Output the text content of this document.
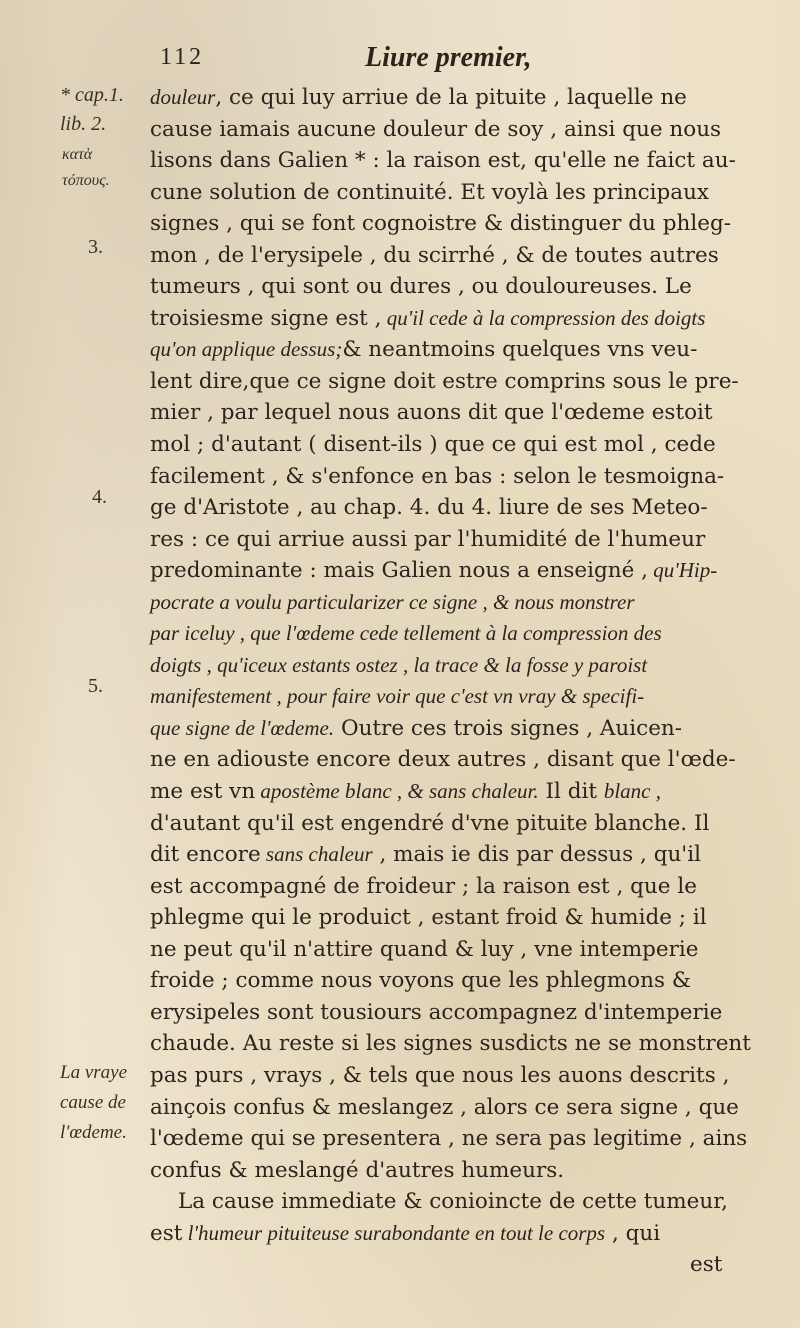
112	Liure premier,
* cap.1.
lib. 2.
κατὰ
τόπους.
3.
4.
5.
La vraye cause de l'œdeme.
douleur, ce qui luy arriue de la pituite , laquelle ne
cause iamais aucune douleur de soy , ainsi que nous
lisons dans Galien * : la raison est, qu'elle ne faict au-
cune solution de continuité. Et voylà les principaux
signes , qui se font cognoistre & distinguer du phleg-
mon , de l'erysipele , du scirrhé , & de toutes autres
tumeurs , qui sont ou dures , ou douloureuses. Le
troisiesme signe est , qu'il cede à la compression des doigts
qu'on applique dessus;& neantmoins quelques vns veu-
lent dire,que ce signe doit estre comprins sous le pre-
mier , par lequel nous auons dit que l'œdeme estoit
mol ; d'autant ( disent-ils ) que ce qui est mol , cede
facilement , & s'enfonce en bas : selon le tesmoigna-
ge d'Aristote , au chap. 4. du 4. liure de ses Meteo-
res : ce qui arriue aussi par l'humidité de l'humeur
predominante : mais Galien nous a enseigné , qu'Hip-
pocrate a voulu particularizer ce signe , & nous monstrer
par iceluy , que l'œdeme cede tellement à la compression des
doigts , qu'iceux estants ostez , la trace & la fosse y paroist
manifestement , pour faire voir que c'est vn vray & specifi-
que signe de l'œdeme. Outre ces trois signes , Auicen-
ne en adiouste encore deux autres , disant que l'œde-
me est vn apostème blanc , & sans chaleur. Il dit blanc ,
d'autant qu'il est engendré d'vne pituite blanche. Il
dit encore sans chaleur , mais ie dis par dessus , qu'il
est accompagné de froideur ; la raison est , que le
phlegme qui le produict , estant froid & humide ; il
ne peut qu'il n'attire quand & luy , vne intemperie
froide ; comme nous voyons que les phlegmons &
erysipeles sont tousiours accompagnez d'intemperie
chaude. Au reste si les signes susdicts ne se monstrent
pas purs , vrays , & tels que nous les auons descrits ,
ainçois confus & meslangez , alors ce sera signe , que
l'œdeme qui se presentera , ne sera pas legitime , ains
confus & meslangé d'autres humeurs.
La cause immediate & conioincte de cette tumeur,
est l'humeur pituiteuse surabondante en tout le corps , qui
est
